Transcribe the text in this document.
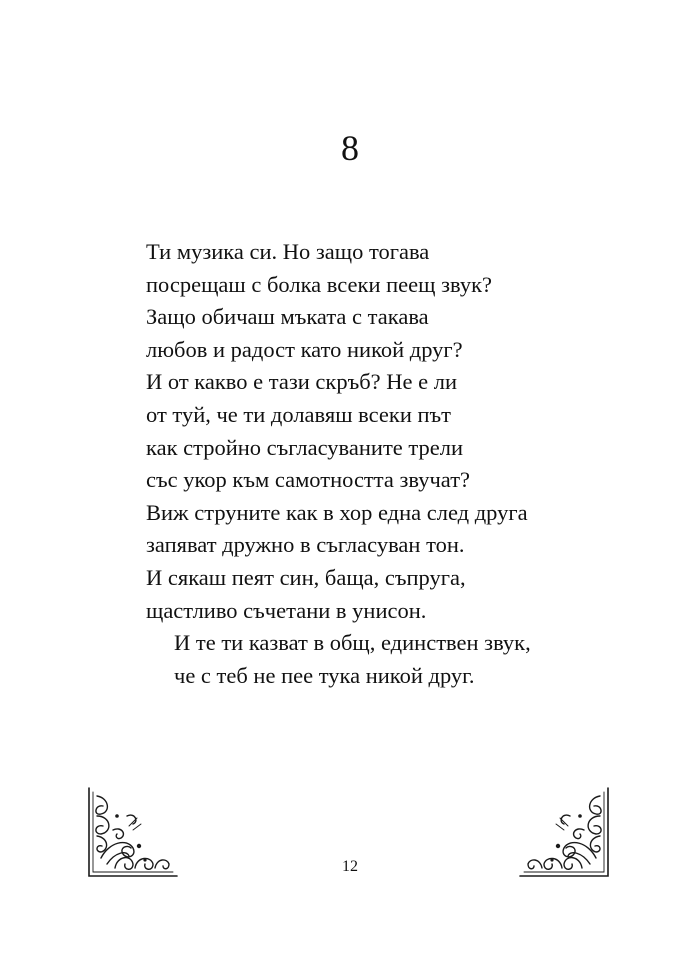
8
Ти музика си. Но защо тогава
посрещаш с болка всеки пеещ звук?
Защо обичаш мъката с такава
любов и радост като никой друг?
И от какво е тази скръб? Не е ли
от туй, че ти долавяш всеки път
как стройно съгласуваните трели
със укор към самотността звучат?
Виж струните как в хор една след друга
запяват дружно в съгласуван тон.
И сякаш пеят син, баща, съпруга,
щастливо съчетани в унисон.
И те ти казват в общ, единствен звук,
че с теб не пее тука никой друг.
12
